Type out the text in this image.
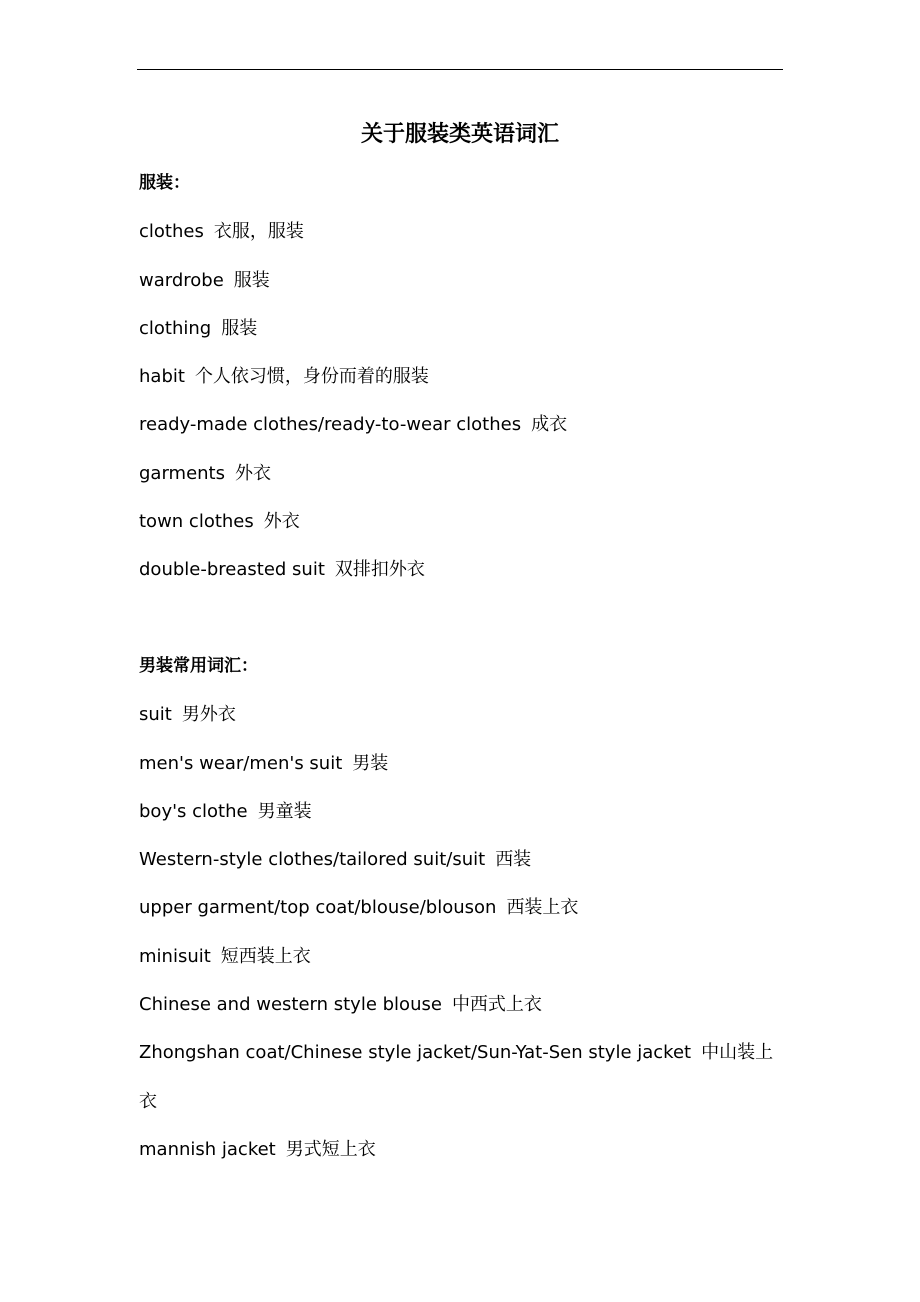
关于服装类英语词汇
服装：
clothes 衣服，服装
wardrobe 服装
clothing 服装
habit 个人依习惯，身份而着的服装
ready-made clothes/ready-to-wear clothes 成衣
garments 外衣
town clothes 外衣
double-breasted suit 双排扣外衣
男装常用词汇：
suit 男外衣
men's wear/men's suit 男装
boy's clothe 男童装
Western-style clothes/tailored suit/suit 西装
upper garment/top coat/blouse/blouson 西装上衣
minisuit 短西装上衣
Chinese and western style blouse 中西式上衣
Zhongshan coat/Chinese style jacket/Sun-Yat-Sen style jacket 中山装上衣
mannish jacket 男式短上衣
